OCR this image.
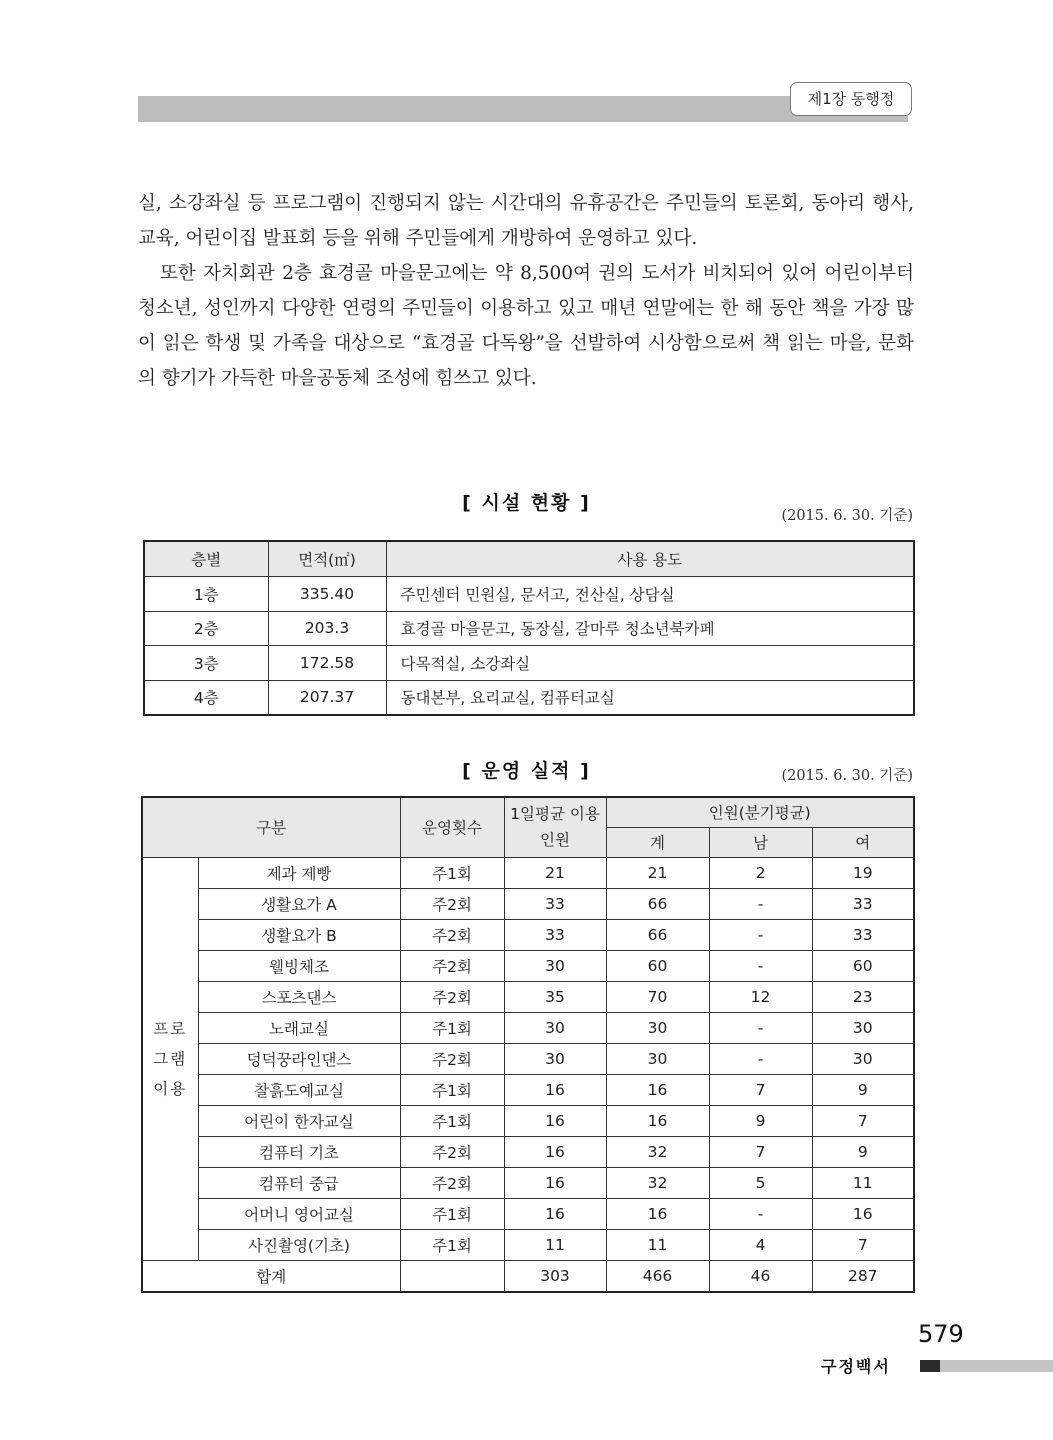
제1장 동행정

실, 소강좌실 등 프로그램이 진행되지 않는 시간대의 유휴공간은 주민들의 토론회, 동아리 행사, 교육, 어린이집 발표회 등을 위해 주민들에게 개방하여 운영하고 있다.

또한 자치회관 2층 효경골 마을문고에는 약 8,500여 권의 도서가 비치되어 있어 어린이부터 청소년, 성인까지 다양한 연령의 주민들이 이용하고 있고 매년 연말에는 한 해 동안 책을 가장 많이 읽은 학생 및 가족을 대상으로 “효경골 다독왕”을 선발하여 시상함으로써 책 읽는 마을, 문화의 향기가 가득한 마을공동체 조성에 힘쓰고 있다.

[ 시설 현황 ]
(2015. 6. 30. 기준)
층별	면적(㎡)	사용 용도
1층	335.40	주민센터 민원실, 문서고, 전산실, 상담실
2층	203.3	효경골 마을문고, 동장실, 갈마루 청소년북카페
3층	172.58	다목적실, 소강좌실
4층	207.37	동대본부, 요리교실, 컴퓨터교실
[ 운영 실적 ]	(2015. 6. 30. 기준)
구분		운영횟수	1일평균 이용인원	인원(분기평균)		
				계	남	여
프로 그램 이용	제과 제빵	주1회	21	21	2	19
	생활요가 A	주2회	33	66	-	33
	생활요가 B	주2회	33	66	-	33
	웰빙체조	주2회	30	60	-	60
	스포츠댄스	주2회	35	70	12	23
	노래교실	주1회	30	30	-	30
	덩덕꿍라인댄스	주2회	30	30	-	30
	찰흙도예교실	주1회	16	16	7	9
	어린이 한자교실	주1회	16	16	9	7
	컴퓨터 기초	주2회	16	32	7	9
	컴퓨터 중급	주2회	16	32	5	11
	어머니 영어교실	주1회	16	16	-	16
	사진촬영(기초)	주1회	11	11	4	7
합계			303	466	46	287
579
구정백서
